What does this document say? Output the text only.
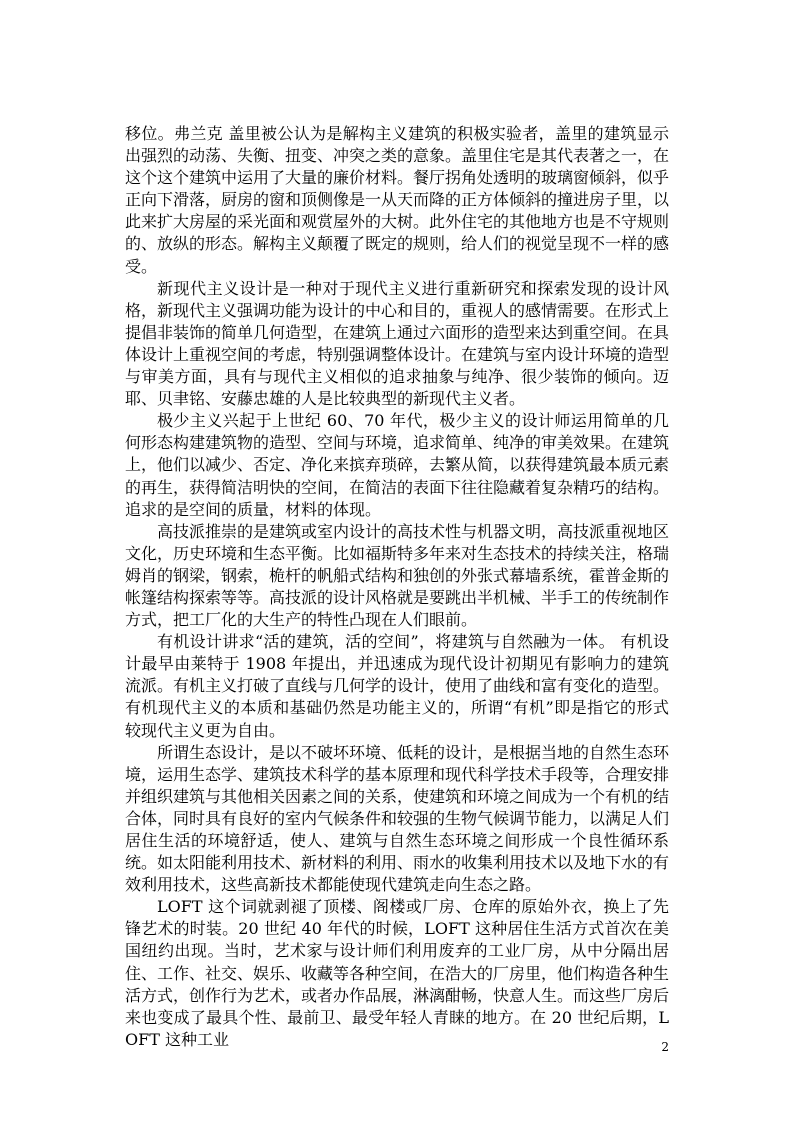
移位。弗兰克 盖里被公认为是解构主义建筑的积极实验者，盖里的建筑显示出强烈的动荡、失衡、扭变、冲突之类的意象。盖里住宅是其代表著之一，在这个这个建筑中运用了大量的廉价材料。餐厅拐角处透明的玻璃窗倾斜，似乎正向下滑落，厨房的窗和顶侧像是一从天而降的正方体倾斜的撞进房子里，以此来扩大房屋的采光面和观赏屋外的大树。此外住宅的其他地方也是不守规则的、放纵的形态。解构主义颠覆了既定的规则，给人们的视觉呈现不一样的感受。

新现代主义设计是一种对于现代主义进行重新研究和探索发现的设计风格，新现代主义强调功能为设计的中心和目的，重视人的感情需要。在形式上提倡非装饰的简单几何造型，在建筑上通过六面形的造型来达到重空间。在具体设计上重视空间的考虑，特别强调整体设计。在建筑与室内设计环境的造型与审美方面，具有与现代主义相似的追求抽象与纯净、很少装饰的倾向。迈耶、贝聿铭、安藤忠雄的人是比较典型的新现代主义者。

极少主义兴起于上世纪 60、70 年代，极少主义的设计师运用简单的几何形态构建建筑物的造型、空间与环境，追求简单、纯净的审美效果。在建筑上，他们以减少、否定、净化来摈弃琐碎，去繁从简，以获得建筑最本质元素的再生，获得简洁明快的空间，在简洁的表面下往往隐藏着复杂精巧的结构。追求的是空间的质量，材料的体现。

高技派推崇的是建筑或室内设计的高技术性与机器文明，高技派重视地区文化，历史环境和生态平衡。比如福斯特多年来对生态技术的持续关注，格瑞姆肖的钢梁，钢索，桅杆的帆船式结构和独创的外张式幕墙系统，霍普金斯的帐篷结构探索等等。高技派的设计风格就是要跳出半机械、半手工的传统制作方式，把工厂化的大生产的特性凸现在人们眼前。

有机设计讲求“活的建筑，活的空间”，将建筑与自然融为一体。 有机设计最早由莱特于 1908 年提出，并迅速成为现代设计初期见有影响力的建筑流派。有机主义打破了直线与几何学的设计，使用了曲线和富有变化的造型。有机现代主义的本质和基础仍然是功能主义的，所谓“有机”即是指它的形式较现代主义更为自由。

所谓生态设计，是以不破坏环境、低耗的设计，是根据当地的自然生态环境，运用生态学、建筑技术科学的基本原理和现代科学技术手段等，合理安排并组织建筑与其他相关因素之间的关系，使建筑和环境之间成为一个有机的结合体，同时具有良好的室内气候条件和较强的生物气候调节能力，以满足人们居住生活的环境舒适，使人、建筑与自然生态环境之间形成一个良性循环系统。如太阳能利用技术、新材料的利用、雨水的收集利用技术以及地下水的有效利用技术，这些高新技术都能使现代建筑走向生态之路。

LOFT 这个词就剥褪了顶楼、阁楼或厂房、仓库的原始外衣，换上了先锋艺术的时装。20 世纪 40 年代的时候，LOFT 这种居住生活方式首次在美国纽约出现。当时，艺术家与设计师们利用废弃的工业厂房，从中分隔出居住、工作、社交、娱乐、收藏等各种空间，在浩大的厂房里，他们构造各种生活方式，创作行为艺术，或者办作品展，淋漓酣畅，快意人生。而这些厂房后来也变成了最具个性、最前卫、最受年轻人青睐的地方。在 20 世纪后期，LOFT 这种工业	2
